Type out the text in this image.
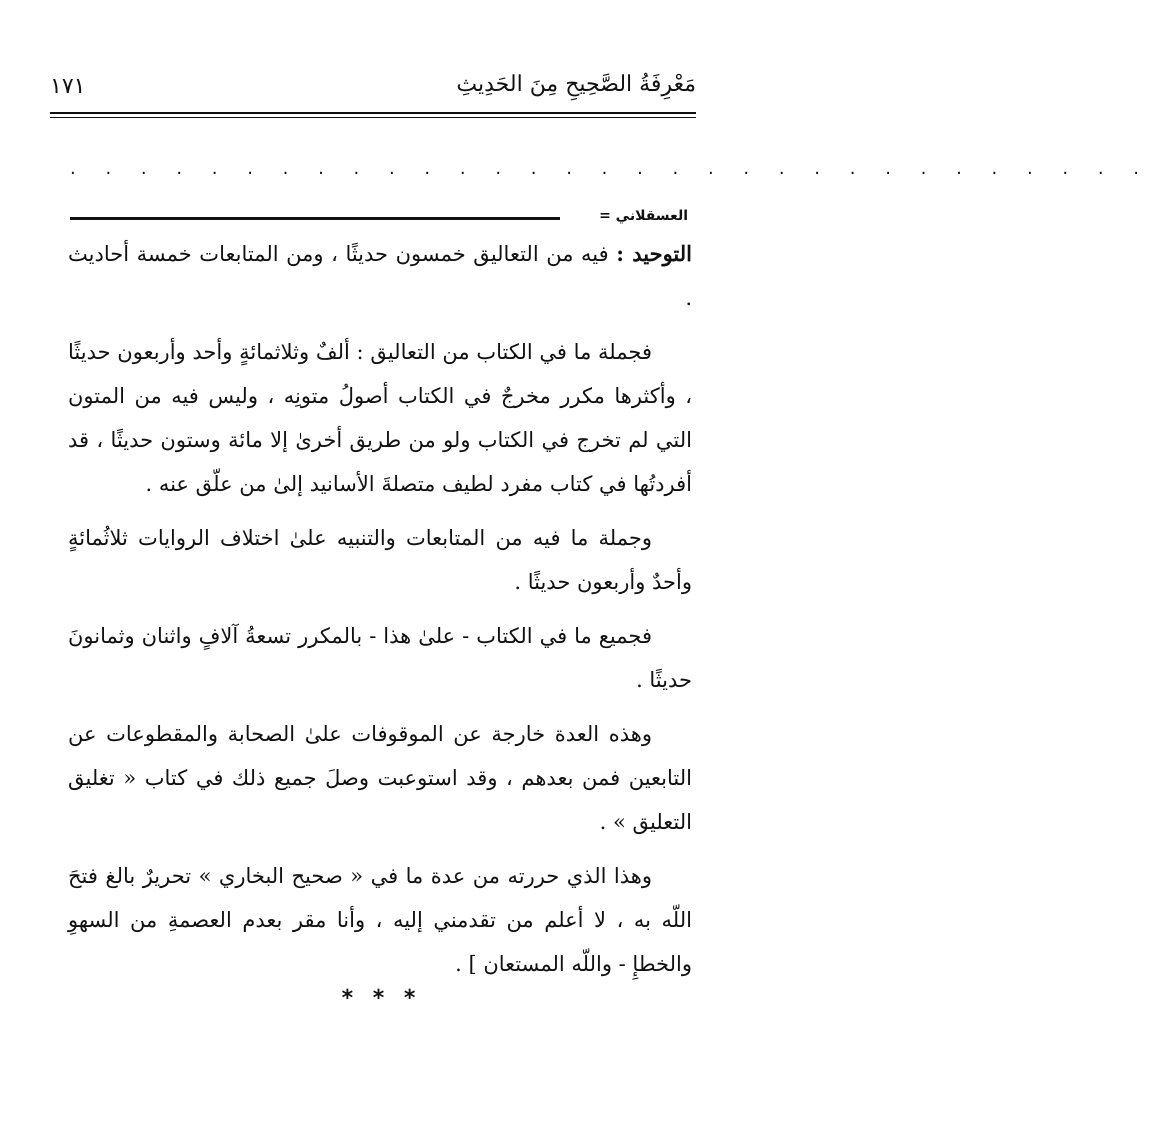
مَعْرِفَةُ الصَّحِيحِ مِنَ الحَدِيثِ
١٧١
. . . . . . . . . . . . . . . . . . . . . . . . . . . . . . .
العسقلاني =

التوحيد : فيه من التعاليق خمسون حديثًا ، ومن المتابعات خمسة أحاديث .

فجملة ما في الكتاب من التعاليق : ألفٌ وثلاثمائةٍ وأحد وأربعون حديثًا ، وأكثرها مكرر مخرجٌ في الكتاب أصولُ متونِه ، وليس فيه من المتون التي لم تخرج في الكتاب ولو من طريق أخرىٰ إلا مائة وستون حديثًا ، قد أفردتُها في كتاب مفرد لطيف متصلةَ الأسانيد إلىٰ من علّق عنه .

وجملة ما فيه من المتابعات والتنبيه علىٰ اختلاف الروايات ثلاثُمائةٍ وأحدٌ وأربعون حديثًا .

فجميع ما في الكتاب - علىٰ هذا - بالمكرر تسعةُ آلافٍ واثنان وثمانونَ حديثًا .

وهذه العدة خارجة عن الموقوفات علىٰ الصحابة والمقطوعات عن التابعين فمن بعدهم ، وقد استوعبت وصلَ جميع ذلك في كتاب « تغليق التعليق » .

وهذا الذي حررته من عدة ما في « صحيح البخاري » تحريرٌ بالغ فتحَ اللّه به ، لا أعلم من تقدمني إليه ، وأنا مقر بعدم العصمةِ من السهوِ والخطإِ - واللّه المستعان ] .

* * *
